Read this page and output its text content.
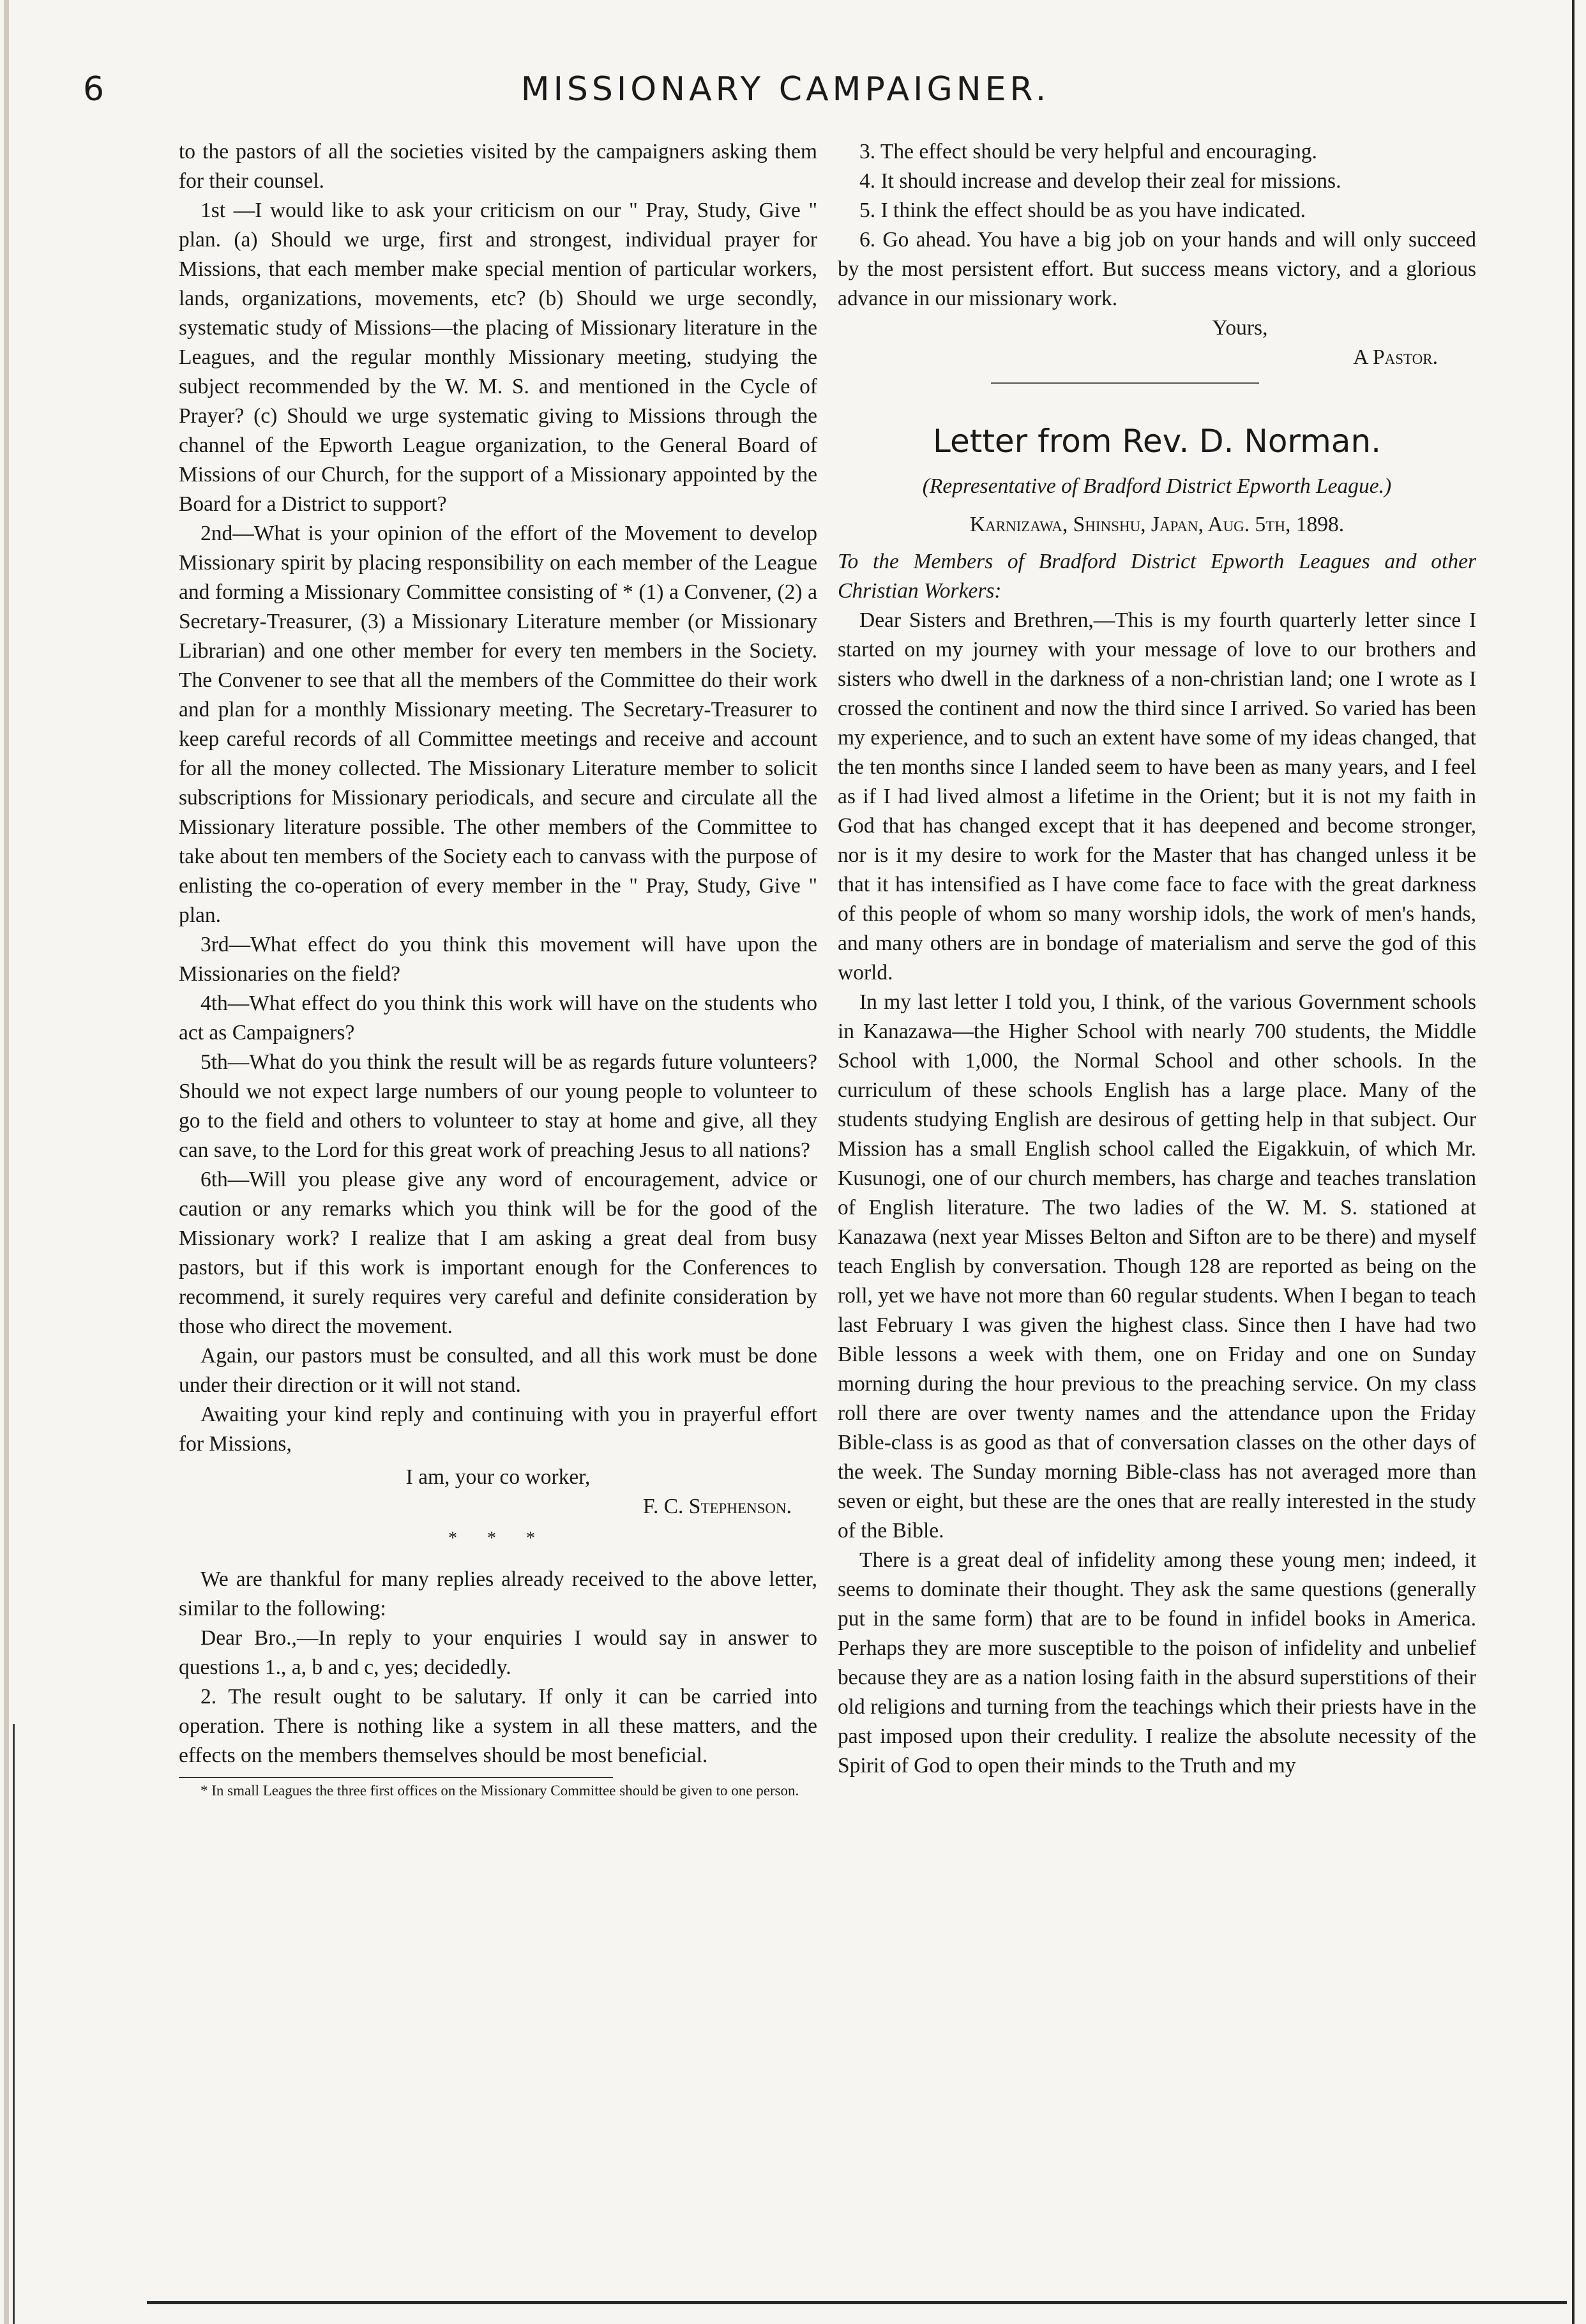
6	MISSIONARY CAMPAIGNER.

to the pastors of all the societies visited by the campaigners asking them for their counsel.

1st —I would like to ask your criticism on our " Pray, Study, Give " plan. (a) Should we urge, first and strongest, individual prayer for Missions, that each member make special mention of particular workers, lands, organizations, movements, etc? (b) Should we urge secondly, systematic study of Missions—the placing of Missionary literature in the Leagues, and the regular monthly Missionary meeting, studying the subject recommended by the W. M. S. and mentioned in the Cycle of Prayer? (c) Should we urge systematic giving to Missions through the channel of the Epworth League organization, to the General Board of Missions of our Church, for the support of a Missionary appointed by the Board for a District to support?

2nd—What is your opinion of the effort of the Movement to develop Missionary spirit by placing responsibility on each member of the League and forming a Missionary Committee consisting of * (1) a Convener, (2) a Secretary-Treasurer, (3) a Missionary Literature member (or Missionary Librarian) and one other member for every ten members in the Society. The Convener to see that all the members of the Committee do their work and plan for a monthly Missionary meeting. The Secretary-Treasurer to keep careful records of all Committee meetings and receive and account for all the money collected. The Missionary Literature member to solicit subscriptions for Missionary periodicals, and secure and circulate all the Missionary literature possible. The other members of the Committee to take about ten members of the Society each to canvass with the purpose of enlisting the co-operation of every member in the " Pray, Study, Give " plan.

3rd—What effect do you think this movement will have upon the Missionaries on the field?

4th—What effect do you think this work will have on the students who act as Campaigners?

5th—What do you think the result will be as regards future volunteers? Should we not expect large numbers of our young people to volunteer to go to the field and others to volunteer to stay at home and give, all they can save, to the Lord for this great work of preaching Jesus to all nations?

6th—Will you please give any word of encouragement, advice or caution or any remarks which you think will be for the good of the Missionary work? I realize that I am asking a great deal from busy pastors, but if this work is important enough for the Conferences to recommend, it surely requires very careful and definite consideration by those who direct the movement.

Again, our pastors must be consulted, and all this work must be done under their direction or it will not stand.

Awaiting your kind reply and continuing with you in prayerful effort for Missions,

I am, your co worker,
F. C. Stephenson.
* * *

We are thankful for many replies already received to the above letter, similar to the following:

Dear Bro.,—In reply to your enquiries I would say in answer to questions 1., a, b and c, yes; decidedly.

2. The result ought to be salutary. If only it can be carried into operation. There is nothing like a system in all these matters, and the effects on the members themselves should be most beneficial.

* In small Leagues the three first offices on the Missionary Committee should be given to one person.

3. The effect should be very helpful and encouraging.

4. It should increase and develop their zeal for missions.

5. I think the effect should be as you have indicated.

6. Go ahead. You have a big job on your hands and will only succeed by the most persistent effort. But success means victory, and a glorious advance in our missionary work.

Yours,
A Pastor.
Letter from Rev. D. Norman.
(Representative of Bradford District Epworth League.)
Karnizawa, Shinshu, Japan, Aug. 5th, 1898.

To the Members of Bradford District Epworth Leagues and other Christian Workers:

Dear Sisters and Brethren,—This is my fourth quarterly letter since I started on my journey with your message of love to our brothers and sisters who dwell in the darkness of a non-christian land; one I wrote as I crossed the continent and now the third since I arrived. So varied has been my experience, and to such an extent have some of my ideas changed, that the ten months since I landed seem to have been as many years, and I feel as if I had lived almost a lifetime in the Orient; but it is not my faith in God that has changed except that it has deepened and become stronger, nor is it my desire to work for the Master that has changed unless it be that it has intensified as I have come face to face with the great darkness of this people of whom so many worship idols, the work of men's hands, and many others are in bondage of materialism and serve the god of this world.

In my last letter I told you, I think, of the various Government schools in Kanazawa—the Higher School with nearly 700 students, the Middle School with 1,000, the Normal School and other schools. In the curriculum of these schools English has a large place. Many of the students studying English are desirous of getting help in that subject. Our Mission has a small English school called the Eigakkuin, of which Mr. Kusunogi, one of our church members, has charge and teaches translation of English literature. The two ladies of the W. M. S. stationed at Kanazawa (next year Misses Belton and Sifton are to be there) and myself teach English by conversation. Though 128 are reported as being on the roll, yet we have not more than 60 regular students. When I began to teach last February I was given the highest class. Since then I have had two Bible lessons a week with them, one on Friday and one on Sunday morning during the hour previous to the preaching service. On my class roll there are over twenty names and the attendance upon the Friday Bible-class is as good as that of conversation classes on the other days of the week. The Sunday morning Bible-class has not averaged more than seven or eight, but these are the ones that are really interested in the study of the Bible.

There is a great deal of infidelity among these young men; indeed, it seems to dominate their thought. They ask the same questions (generally put in the same form) that are to be found in infidel books in America. Perhaps they are more susceptible to the poison of infidelity and unbelief because they are as a nation losing faith in the absurd superstitions of their old religions and turning from the teachings which their priests have in the past imposed upon their credulity. I realize the absolute necessity of the Spirit of God to open their minds to the Truth and my
